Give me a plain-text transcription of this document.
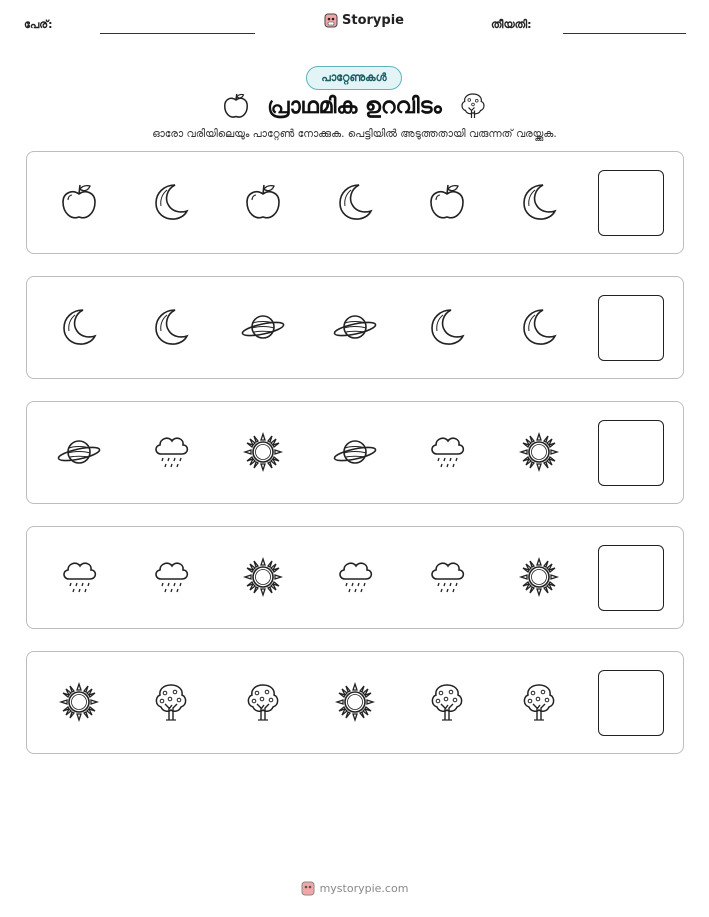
പേര്:	Storypie	തീയതി:
പാറ്റേണുകൾ
പ്രാഥമിക ഉറവിടം
ഓരോ വരിയിലെയും പാറ്റേൺ നോക്കുക. പെട്ടിയിൽ അടുത്തതായി വരുന്നത് വരയ്ക്കുക.
mystorypie.com
